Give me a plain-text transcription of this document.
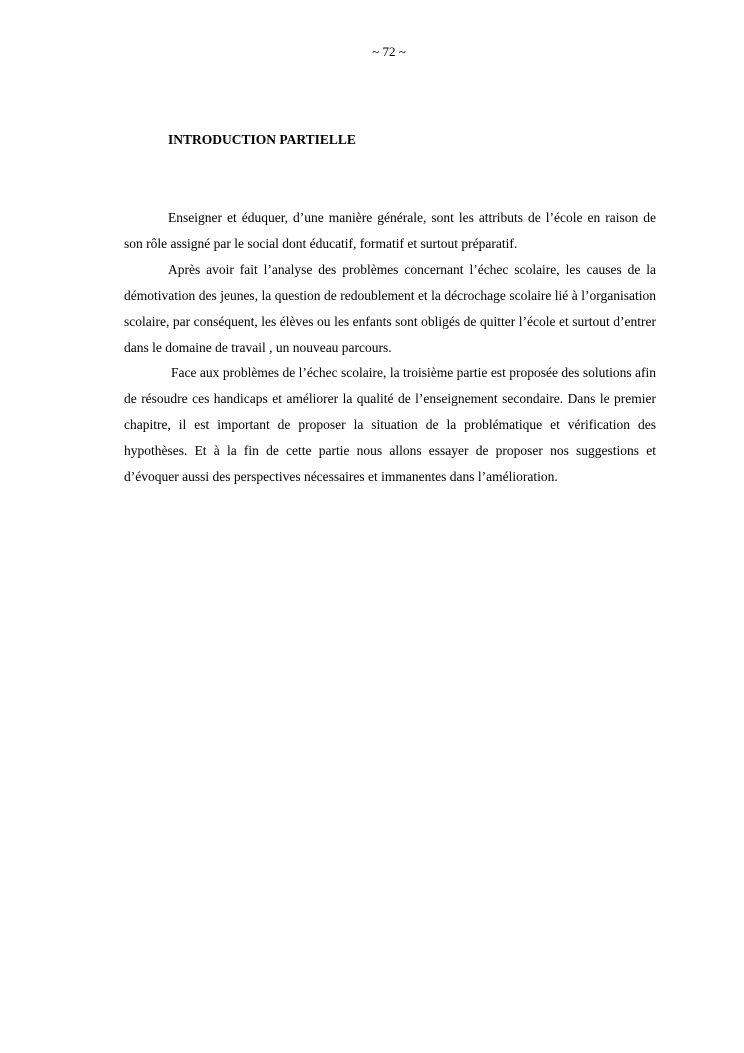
~ 72 ~
INTRODUCTION PARTIELLE

Enseigner et éduquer, d’une manière générale, sont les attributs de l’école en raison de son rôle assigné par le social dont éducatif, formatif et surtout préparatif.

Après avoir fait l’analyse des problèmes concernant l’échec scolaire, les causes de la démotivation des jeunes, la question de redoublement et la décrochage scolaire lié à l’organisation scolaire, par conséquent, les élèves ou les enfants sont obligés de quitter l’école et surtout d’entrer dans le domaine de travail , un nouveau parcours.

Face aux problèmes de l’échec scolaire, la troisième partie est proposée des solutions afin de résoudre ces handicaps et améliorer la qualité de l’enseignement secondaire. Dans le premier chapitre, il est important de proposer la situation de la problématique et vérification des hypothèses. Et à la fin de cette partie nous allons essayer de proposer nos suggestions et d’évoquer aussi des perspectives nécessaires et immanentes dans l’amélioration.
